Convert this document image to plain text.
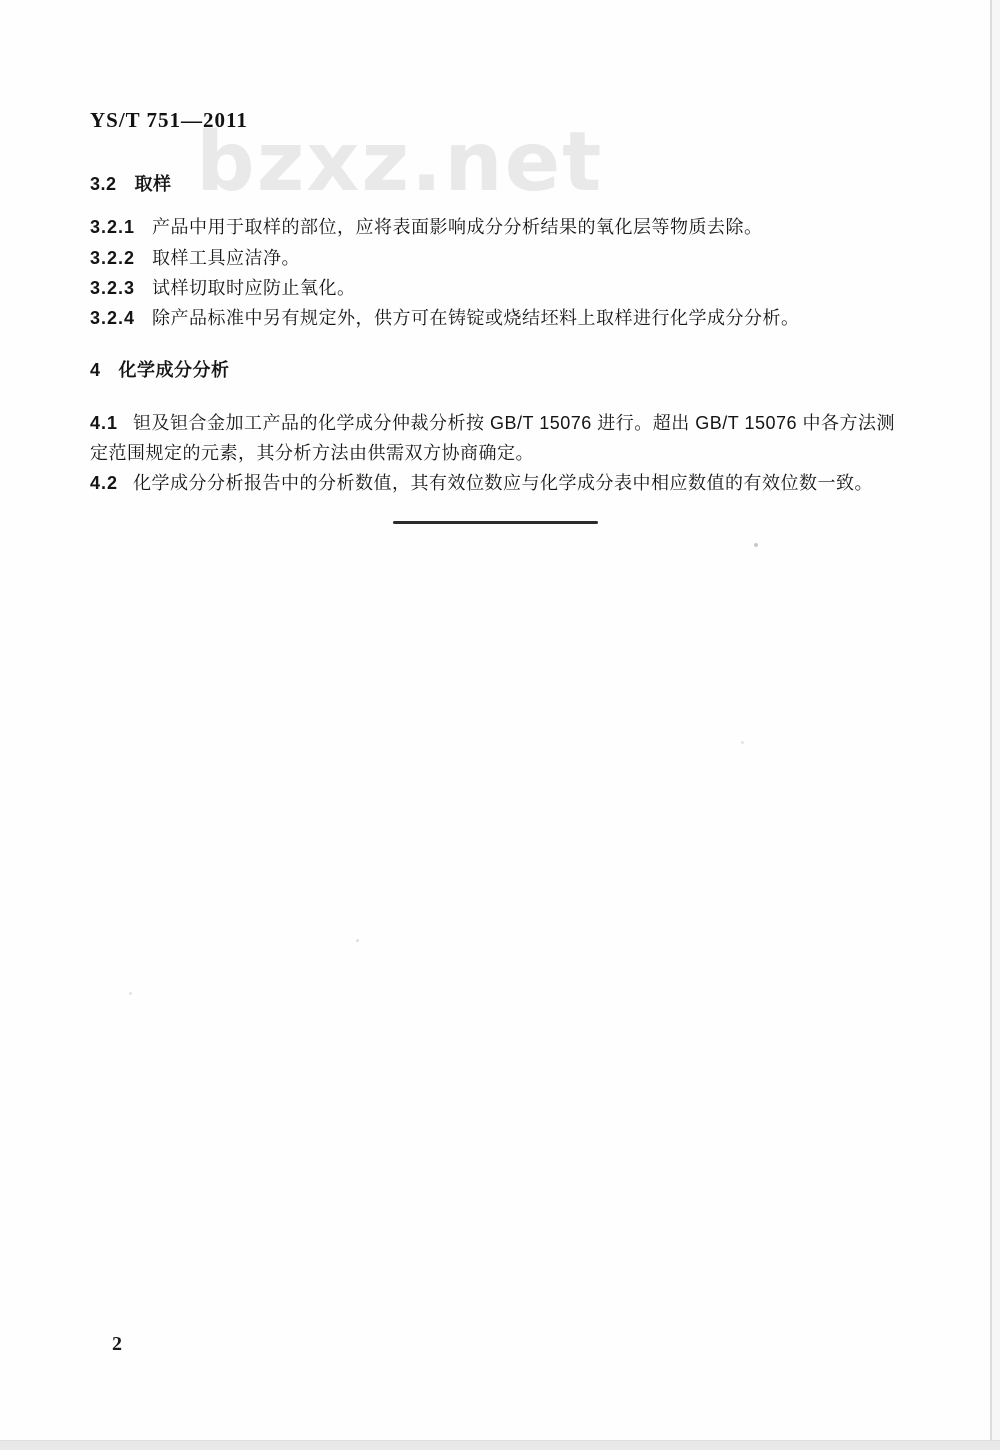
bzxz.net
YS/T 751—2011
3.2 取样
3.2.1 产品中用于取样的部位，应将表面影响成分分析结果的氧化层等物质去除。
3.2.2 取样工具应洁净。
3.2.3 试样切取时应防止氧化。
3.2.4 除产品标准中另有规定外，供方可在铸锭或烧结坯料上取样进行化学成分分析。
4 化学成分分析
4.1 钽及钽合金加工产品的化学成分仲裁分析按 GB/T 15076 进行。超出 GB/T 15076 中各方法测
定范围规定的元素，其分析方法由供需双方协商确定。
4.2 化学成分分析报告中的分析数值，其有效位数应与化学成分表中相应数值的有效位数一致。
2
